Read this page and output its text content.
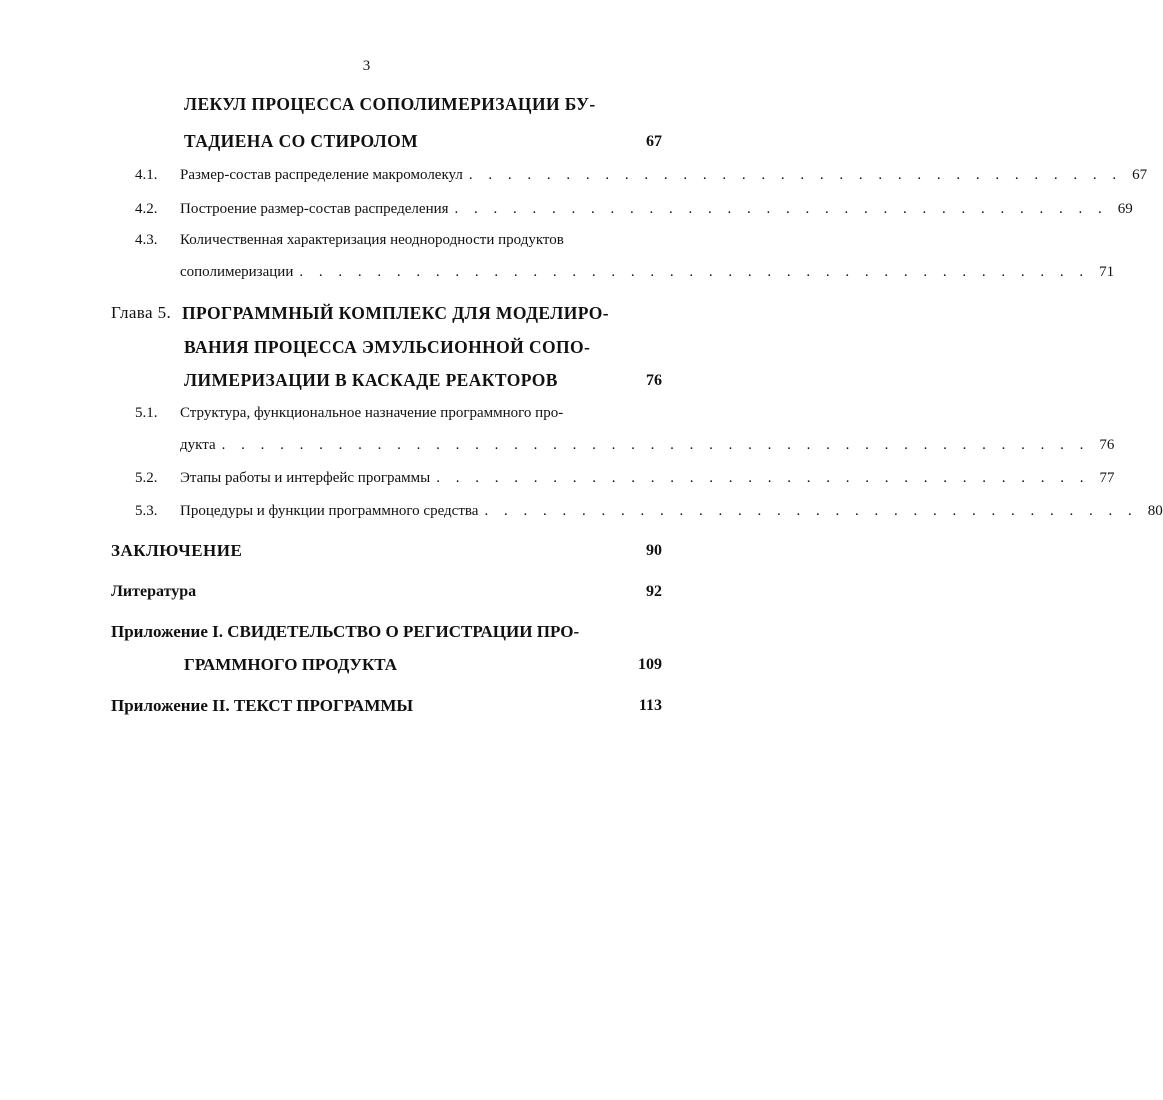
3
ЛЕКУЛ ПРОЦЕССА СОПОЛИМЕРИЗАЦИИ БУ-
ТАДИЕНА СО СТИРОЛОМ	67
4.1. Размер-состав распределение макромолекул . . . . . . . . . . . . . . . . . . . . . . . . . . . . . . . . . . 67
4.2. Построение размер-состав распределения . . . . . . . . . . . . . . . . . . . . . . . . . . . . . . . . . . 69
4.3. Количественная характеризация неоднородности продуктов
сополимеризации . . . . . . . . . . . . . . . . . . . . . . . . . . . . . . . . . . . . . . . . . 71
Глава 5. ПРОГРАММНЫЙ КОМПЛЕКС ДЛЯ МОДЕЛИРО-
ВАНИЯ ПРОЦЕССА ЭМУЛЬСИОННОЙ СОПО-
ЛИМЕРИЗАЦИИ В КАСКАДЕ РЕАКТОРОВ	76
5.1. Структура, функциональное назначение программного про-
дукта . . . . . . . . . . . . . . . . . . . . . . . . . . . . . . . . . . . . . . . . . . . . . 76
5.2. Этапы работы и интерфейс программы . . . . . . . . . . . . . . . . . . . . . . . . . . . . . . . . . . 77
5.3. Процедуры и функции программного средства . . . . . . . . . . . . . . . . . . . . . . . . . . . . . . . . . . 80
ЗАКЛЮЧЕНИЕ	90
Литература	92
Приложение I. СВИДЕТЕЛЬСТВО О РЕГИСТРАЦИИ ПРО-
ГРАММНОГО ПРОДУКТА	109
Приложение II. ТЕКСТ ПРОГРАММЫ	113
